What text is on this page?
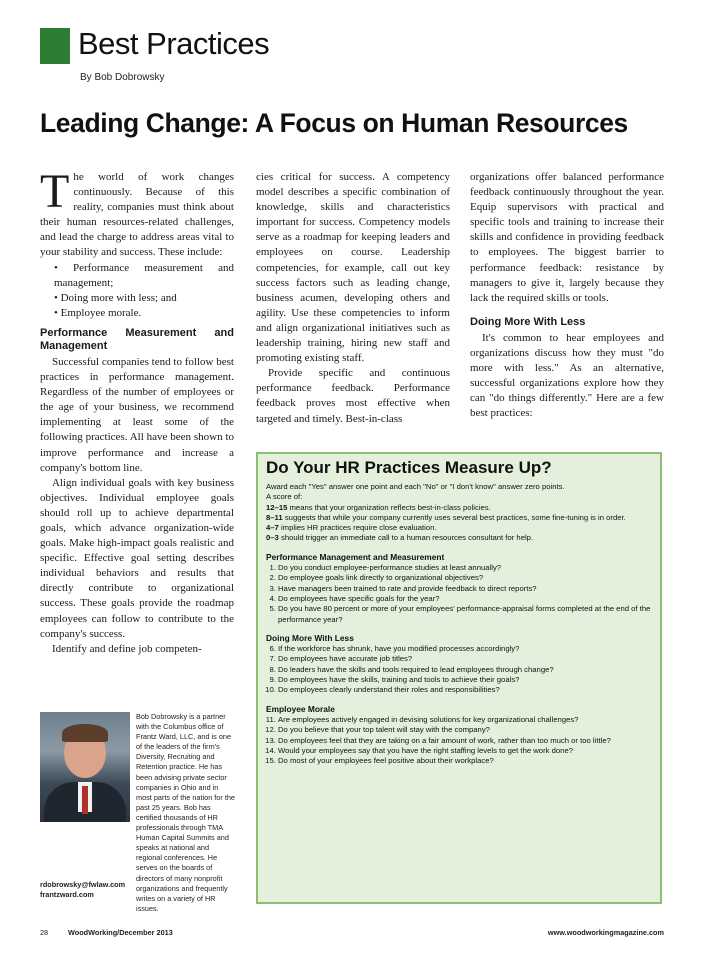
Best Practices
By Bob Dobrowsky
Leading Change: A Focus on Human Resources
T he world of work changes continuously. Because of this reality, companies must think about their human resources-related challenges, and lead the charge to address areas vital to your stability and success. These include:

• Performance measurement and management;
• Doing more with less; and
• Employee morale.
Performance Measurement and Management

Successful companies tend to follow best practices in performance management. Regardless of the number of employees or the age of your business, we recommend implementing at least some of the following practices. All have been shown to improve performance and increase a company's bottom line.

Align individual goals with key business objectives. Individual employee goals should roll up to achieve departmental goals, which advance organization-wide goals. Make high-impact goals realistic and specific. Effective goal setting describes individual behaviors and results that directly contribute to organizational success. These goals provide the roadmap employees can follow to contribute to the company's success.

Identify and define job competen-

Bob Dobrowsky is a partner with the Columbus office of Frantz Ward, LLC, and is one of the leaders of the firm's Diversity, Recruiting and Retention practice. He has been advising private sector companies in Ohio and in most parts of the nation for the past 25 years. Bob has certified thousands of HR professionals through TMA Human Capital Summits and speaks at national and regional conferences. He serves on the boards of directors of many nonprofit organizations and frequently writes on a variety of HR issues.
rdobrowsky@fwlaw.com
frantzward.com

cies critical for success. A competency model describes a specific combination of knowledge, skills and characteristics important for success. Competency models serve as a roadmap for keeping leaders and employees on course. Leadership competencies, for example, call out key success factors such as leading change, business acumen, developing others and agility. Use these competencies to inform and align organizational initiatives such as leadership training, hiring new staff and promoting existing staff.

Provide specific and continuous performance feedback. Performance feedback proves most effective when targeted and timely. Best-in-class

organizations offer balanced performance feedback continuously throughout the year. Equip supervisors with practical and specific tools and training to increase their skills and confidence in providing feedback to employees. The biggest barrier to performance feedback: resistance by managers to give it, largely because they lack the required skills or tools.

Doing More With Less

It's common to hear employees and organizations discuss how they must "do more with less." As an alternative, successful organizations explore how they can "do things differently." Here are a few best practices:

Do Your HR Practices Measure Up?

Award each "Yes" answer one point and each "No" or "I don't know" answer zero points.

A score of:

12–15 means that your organization reflects best-in-class policies.

8–11 suggests that while your company currently uses several best practices, some fine-tuning is in order.

4–7 implies HR practices require close evaluation.

0–3 should trigger an immediate call to a human resources consultant for help.

Performance Management and Measurement
1. Do you conduct employee-performance studies at least annually?
2. Do employee goals link directly to organizational objectives?
3. Have managers been trained to rate and provide feedback to direct reports?
4. Do employees have specific goals for the year?
5. Do you have 80 percent or more of your employees' performance-appraisal forms completed at the end of the performance year?
Doing More With Less
6. If the workforce has shrunk, have you modified processes accordingly?
7. Do employees have accurate job titles?
8. Do leaders have the skills and tools required to lead employees through change?
9. Do employees have the skills, training and tools to achieve their goals?
10. Do employees clearly understand their roles and responsibilities?
Employee Morale
11. Are employees actively engaged in devising solutions for key organizational challenges?
12. Do you believe that your top talent will stay with the company?
13. Do employees feel that they are taking on a fair amount of work, rather than too much or too little?
14. Would your employees say that you have the right staffing levels to get the work done?
15. Do most of your employees feel positive about their workplace?
28	WoodWorking/December 2013	www.woodworkingmagazine.com
